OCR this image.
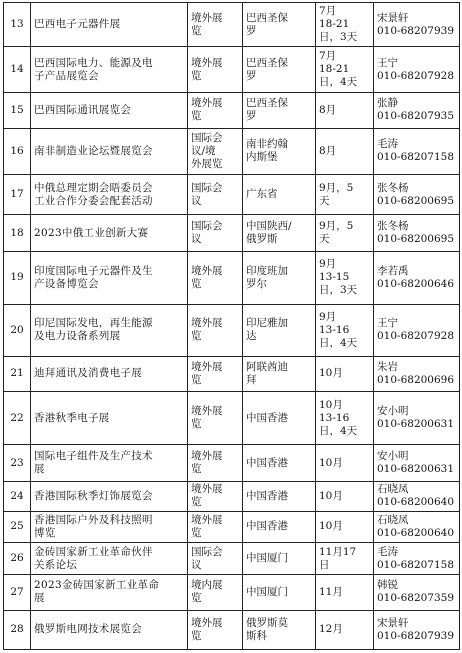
13	巴西电子元器件展	境外展
览	巴西圣保
罗	7月
18-21
日，3天	宋景轩
010-68207939
14	巴西国际电力、能源及电
子产品展览会	境外展
览	巴西圣保
罗	7月
18-21
日，4天	王宁
010-68207928
15	巴西国际通讯展览会	境外展
览	巴西圣保
罗	8月	张静
010-68207935
16	南非制造业论坛暨展览会	国际会
议/境
外展览	南非约翰
内斯堡	8月	毛涛
010-68207158
17	中俄总理定期会晤委员会
工业合作分委会配套活动	国际会
议	广东省	9月，5
天	张冬杨
010-68200695
18	2023中俄工业创新大赛	国际会
议	中国陕西/
俄罗斯	9月，5
天	张冬杨
010-68200695
19	印度国际电子元器件及生
产设备博览会	境外展
览	印度班加
罗尔	9月
13-15
日，3天	李若禹
010-68200646
20	印尼国际发电，再生能源
及电力设备系列展	境外展
览	印尼雅加
达	9月
13-16
日，4天	王宁
010-68207928
21	迪拜通讯及消费电子展	境外展
览	阿联酋迪
拜	10月	朱岩
010-68200696
22	香港秋季电子展	境外展
览	中国香港	10月
13-16
日，4天	安小明
010-68200631
23	国际电子组件及生产技术
展	境外展
览	中国香港	10月	安小明
010-68200631
24	香港国际秋季灯饰展览会	境外展
览	中国香港	10月	石晓凤
010-68200640
25	香港国际户外及科技照明
博览	境外展
览	中国香港	10月	石晓凤
010-68200640
26	金砖国家新工业革命伙伴
关系论坛	国际会
议	中国厦门	11月17
日	毛涛
010-68207158
27	2023金砖国家新工业革命
展	境内展
览	中国厦门	11月	韩锐
010-68207359
28	俄罗斯电网技术展览会	境外展
览	俄罗斯莫
斯科	12月	宋景轩
010-68207939
